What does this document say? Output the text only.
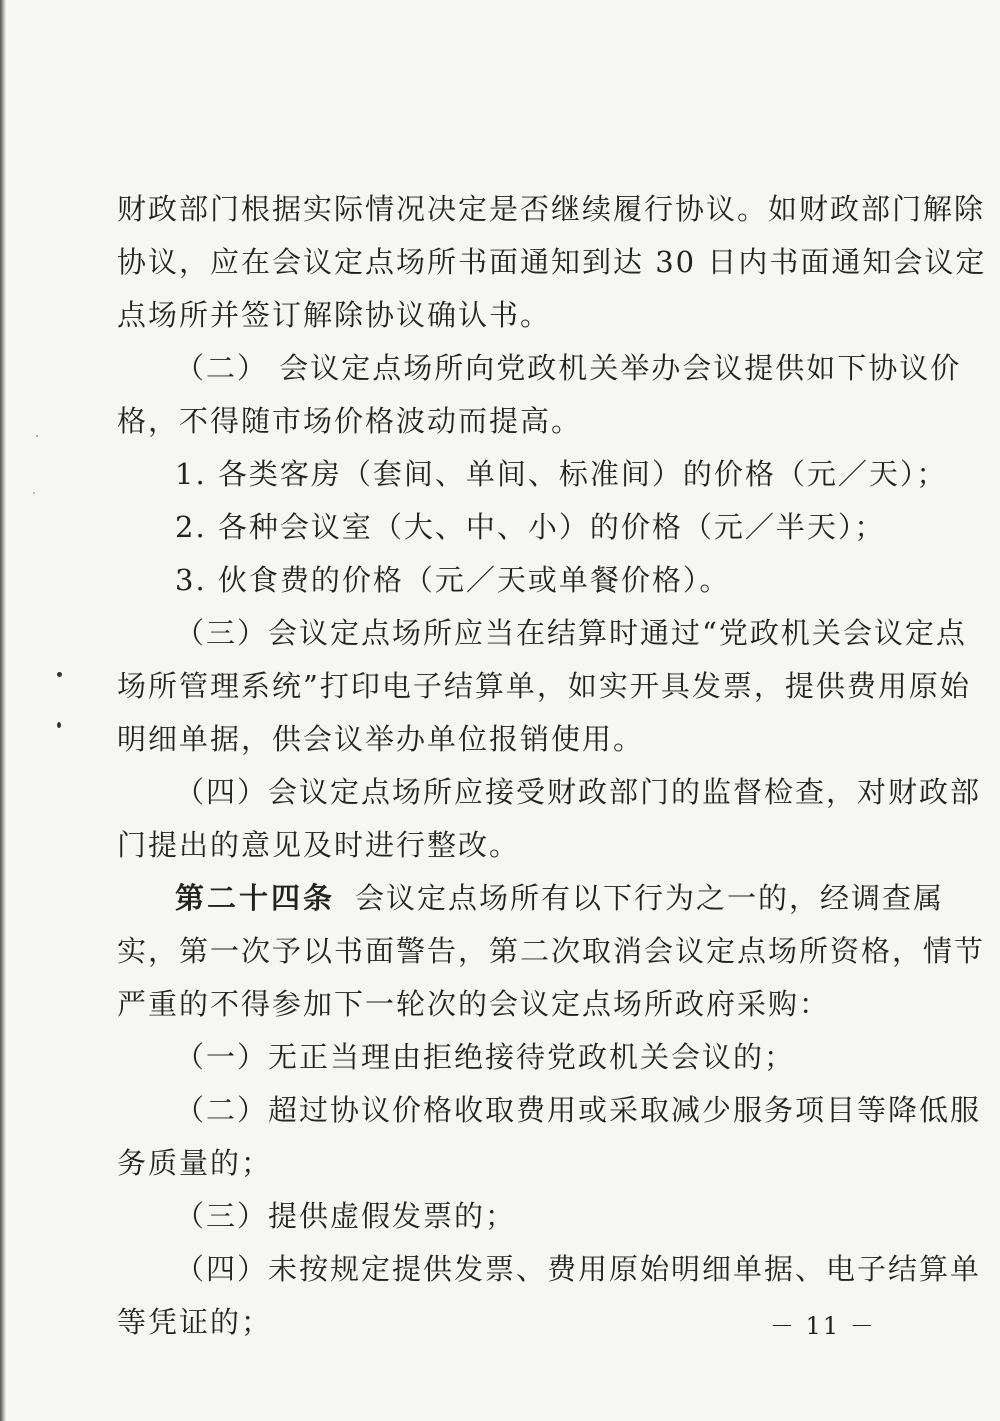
财政部门根据实际情况决定是否继续履行协议。如财政部门解除
协议，应在会议定点场所书面通知到达 30 日内书面通知会议定
点场所并签订解除协议确认书。
（二） 会议定点场所向党政机关举办会议提供如下协议价
格，不得随市场价格波动而提高。
1. 各类客房（套间、单间、标准间）的价格（元／天）；
2. 各种会议室（大、中、小）的价格（元／半天）；
3. 伙食费的价格（元／天或单餐价格）。
（三）会议定点场所应当在结算时通过“党政机关会议定点
场所管理系统”打印电子结算单，如实开具发票，提供费用原始
明细单据，供会议举办单位报销使用。
（四）会议定点场所应接受财政部门的监督检查，对财政部
门提出的意见及时进行整改。
第二十四条 会议定点场所有以下行为之一的，经调查属
实，第一次予以书面警告，第二次取消会议定点场所资格，情节
严重的不得参加下一轮次的会议定点场所政府采购：
（一）无正当理由拒绝接待党政机关会议的；
（二）超过协议价格收取费用或采取减少服务项目等降低服
务质量的；
（三）提供虚假发票的；
（四）未按规定提供发票、费用原始明细单据、电子结算单
等凭证的；	－ 11 －
